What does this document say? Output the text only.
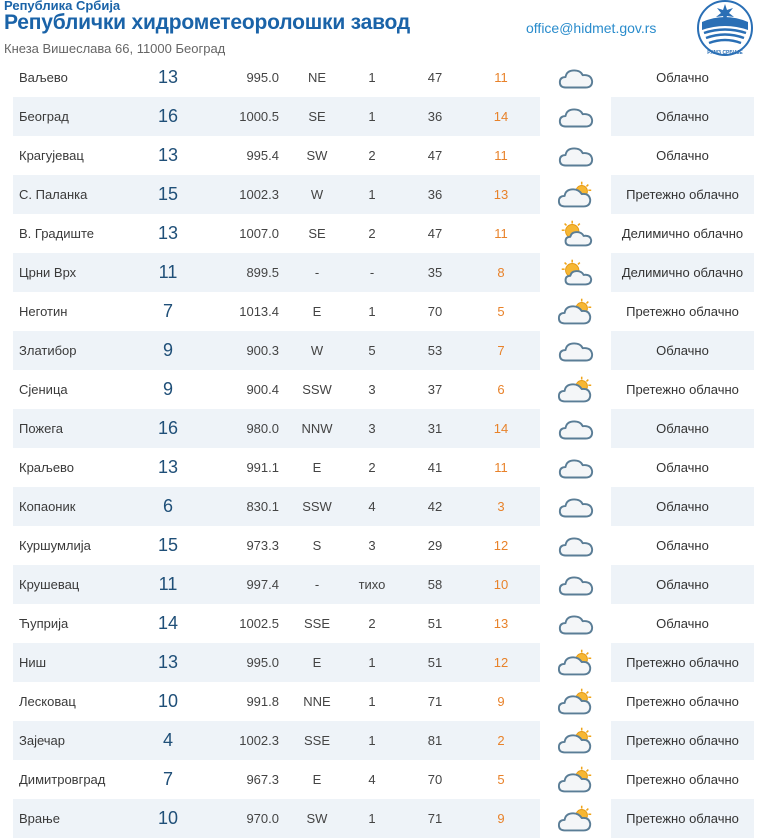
Република Србија
Републички хидрометеоролошки завод
Кнеза Вишеслава 66, 11000 Београд
office@hidmet.gov.rs
РХМЗ СРБИЈЕ
Ваљево	13	995.0	NE	1	47	11	Облачно
Београд	16	1000.5	SE	1	36	14	Облачно
Крагујевац	13	995.4	SW	2	47	11	Облачно
С. Паланка	15	1002.3	W	1	36	13	Претежно облачно
В. Градиште	13	1007.0	SE	2	47	11	Делимично облачно
Црни Врх	11	899.5	-	-	35	8	Делимично облачно
Неготин	7	1013.4	E	1	70	5	Претежно облачно
Златибор	9	900.3	W	5	53	7	Облачно
Сјеница	9	900.4	SSW	3	37	6	Претежно облачно
Пожега	16	980.0	NNW	3	31	14	Облачно
Краљево	13	991.1	E	2	41	11	Облачно
Копаоник	6	830.1	SSW	4	42	3	Облачно
Куршумлија	15	973.3	S	3	29	12	Облачно
Крушевац	11	997.4	-	тихо	58	10	Облачно
Ћуприја	14	1002.5	SSE	2	51	13	Облачно
Ниш	13	995.0	E	1	51	12	Претежно облачно
Лесковац	10	991.8	NNE	1	71	9	Претежно облачно
Зајечар	4	1002.3	SSE	1	81	2	Претежно облачно
Димитровград	7	967.3	E	4	70	5	Претежно облачно
Врање	10	970.0	SW	1	71	9	Претежно облачно
